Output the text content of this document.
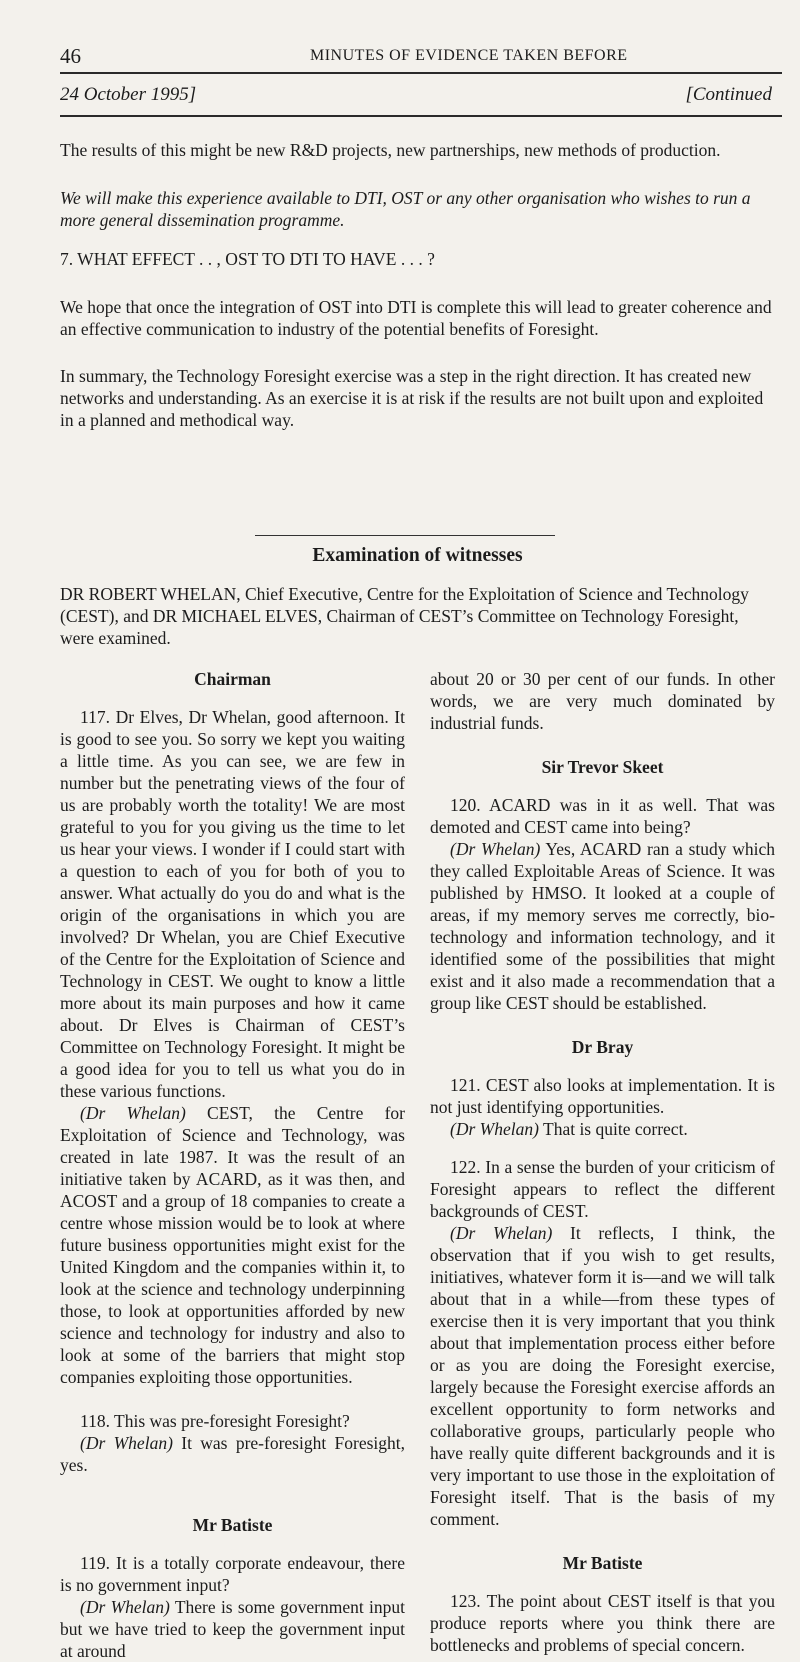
46	MINUTES OF EVIDENCE TAKEN BEFORE
24 October 1995]	[Continued

The results of this might be new R&D projects, new partnerships, new methods of production.

We will make this experience available to DTI, OST or any other organisation who wishes to run a more general dissemination programme.

7. WHAT EFFECT . . , OST TO DTI TO HAVE . . . ?

We hope that once the integration of OST into DTI is complete this will lead to greater coherence and an effective communication to industry of the potential benefits of Foresight.

In summary, the Technology Foresight exercise was a step in the right direction. It has created new networks and understanding. As an exercise it is at risk if the results are not built upon and exploited in a planned and methodical way.

Examination of witnesses

DR ROBERT WHELAN, Chief Executive, Centre for the Exploitation of Science and Technology (CEST), and DR MICHAEL ELVES, Chairman of CEST’s Committee on Technology Foresight, were examined.

Chairman

117. Dr Elves, Dr Whelan, good afternoon. It is good to see you. So sorry we kept you waiting a little time. As you can see, we are few in number but the penetrating views of the four of us are probably worth the totality! We are most grateful to you for you giving us the time to let us hear your views. I wonder if I could start with a question to each of you for both of you to answer. What actually do you do and what is the origin of the organisations in which you are involved? Dr Whelan, you are Chief Executive of the Centre for the Exploitation of Science and Technology in CEST. We ought to know a little more about its main purposes and how it came about. Dr Elves is Chairman of CEST’s Committee on Technology Foresight. It might be a good idea for you to tell us what you do in these various functions.

(Dr Whelan) CEST, the Centre for Exploitation of Science and Technology, was created in late 1987. It was the result of an initiative taken by ACARD, as it was then, and ACOST and a group of 18 companies to create a centre whose mission would be to look at where future business opportunities might exist for the United Kingdom and the companies within it, to look at the science and technology underpinning those, to look at opportunities afforded by new science and technology for industry and also to look at some of the barriers that might stop companies exploiting those opportunities.

118. This was pre-foresight Foresight?

(Dr Whelan) It was pre-foresight Foresight, yes.

Mr Batiste

119. It is a totally corporate endeavour, there is no government input?

(Dr Whelan) There is some government input but we have tried to keep the government input at around

about 20 or 30 per cent of our funds. In other words, we are very much dominated by industrial funds.

Sir Trevor Skeet

120. ACARD was in it as well. That was demoted and CEST came into being?

(Dr Whelan) Yes, ACARD ran a study which they called Exploitable Areas of Science. It was published by HMSO. It looked at a couple of areas, if my memory serves me correctly, bio-technology and information technology, and it identified some of the possibilities that might exist and it also made a recommendation that a group like CEST should be established.

Dr Bray

121. CEST also looks at implementation. It is not just identifying opportunities.

(Dr Whelan) That is quite correct.

122. In a sense the burden of your criticism of Foresight appears to reflect the different backgrounds of CEST.

(Dr Whelan) It reflects, I think, the observation that if you wish to get results, initiatives, whatever form it is—and we will talk about that in a while—from these types of exercise then it is very important that you think about that implementation process either before or as you are doing the Foresight exercise, largely because the Foresight exercise affords an excellent opportunity to form networks and collaborative groups, particularly people who have really quite different backgrounds and it is very important to use those in the exploitation of Foresight itself. That is the basis of my comment.

Mr Batiste

123. The point about CEST itself is that you produce reports where you think there are bottlenecks and problems of special concern.
